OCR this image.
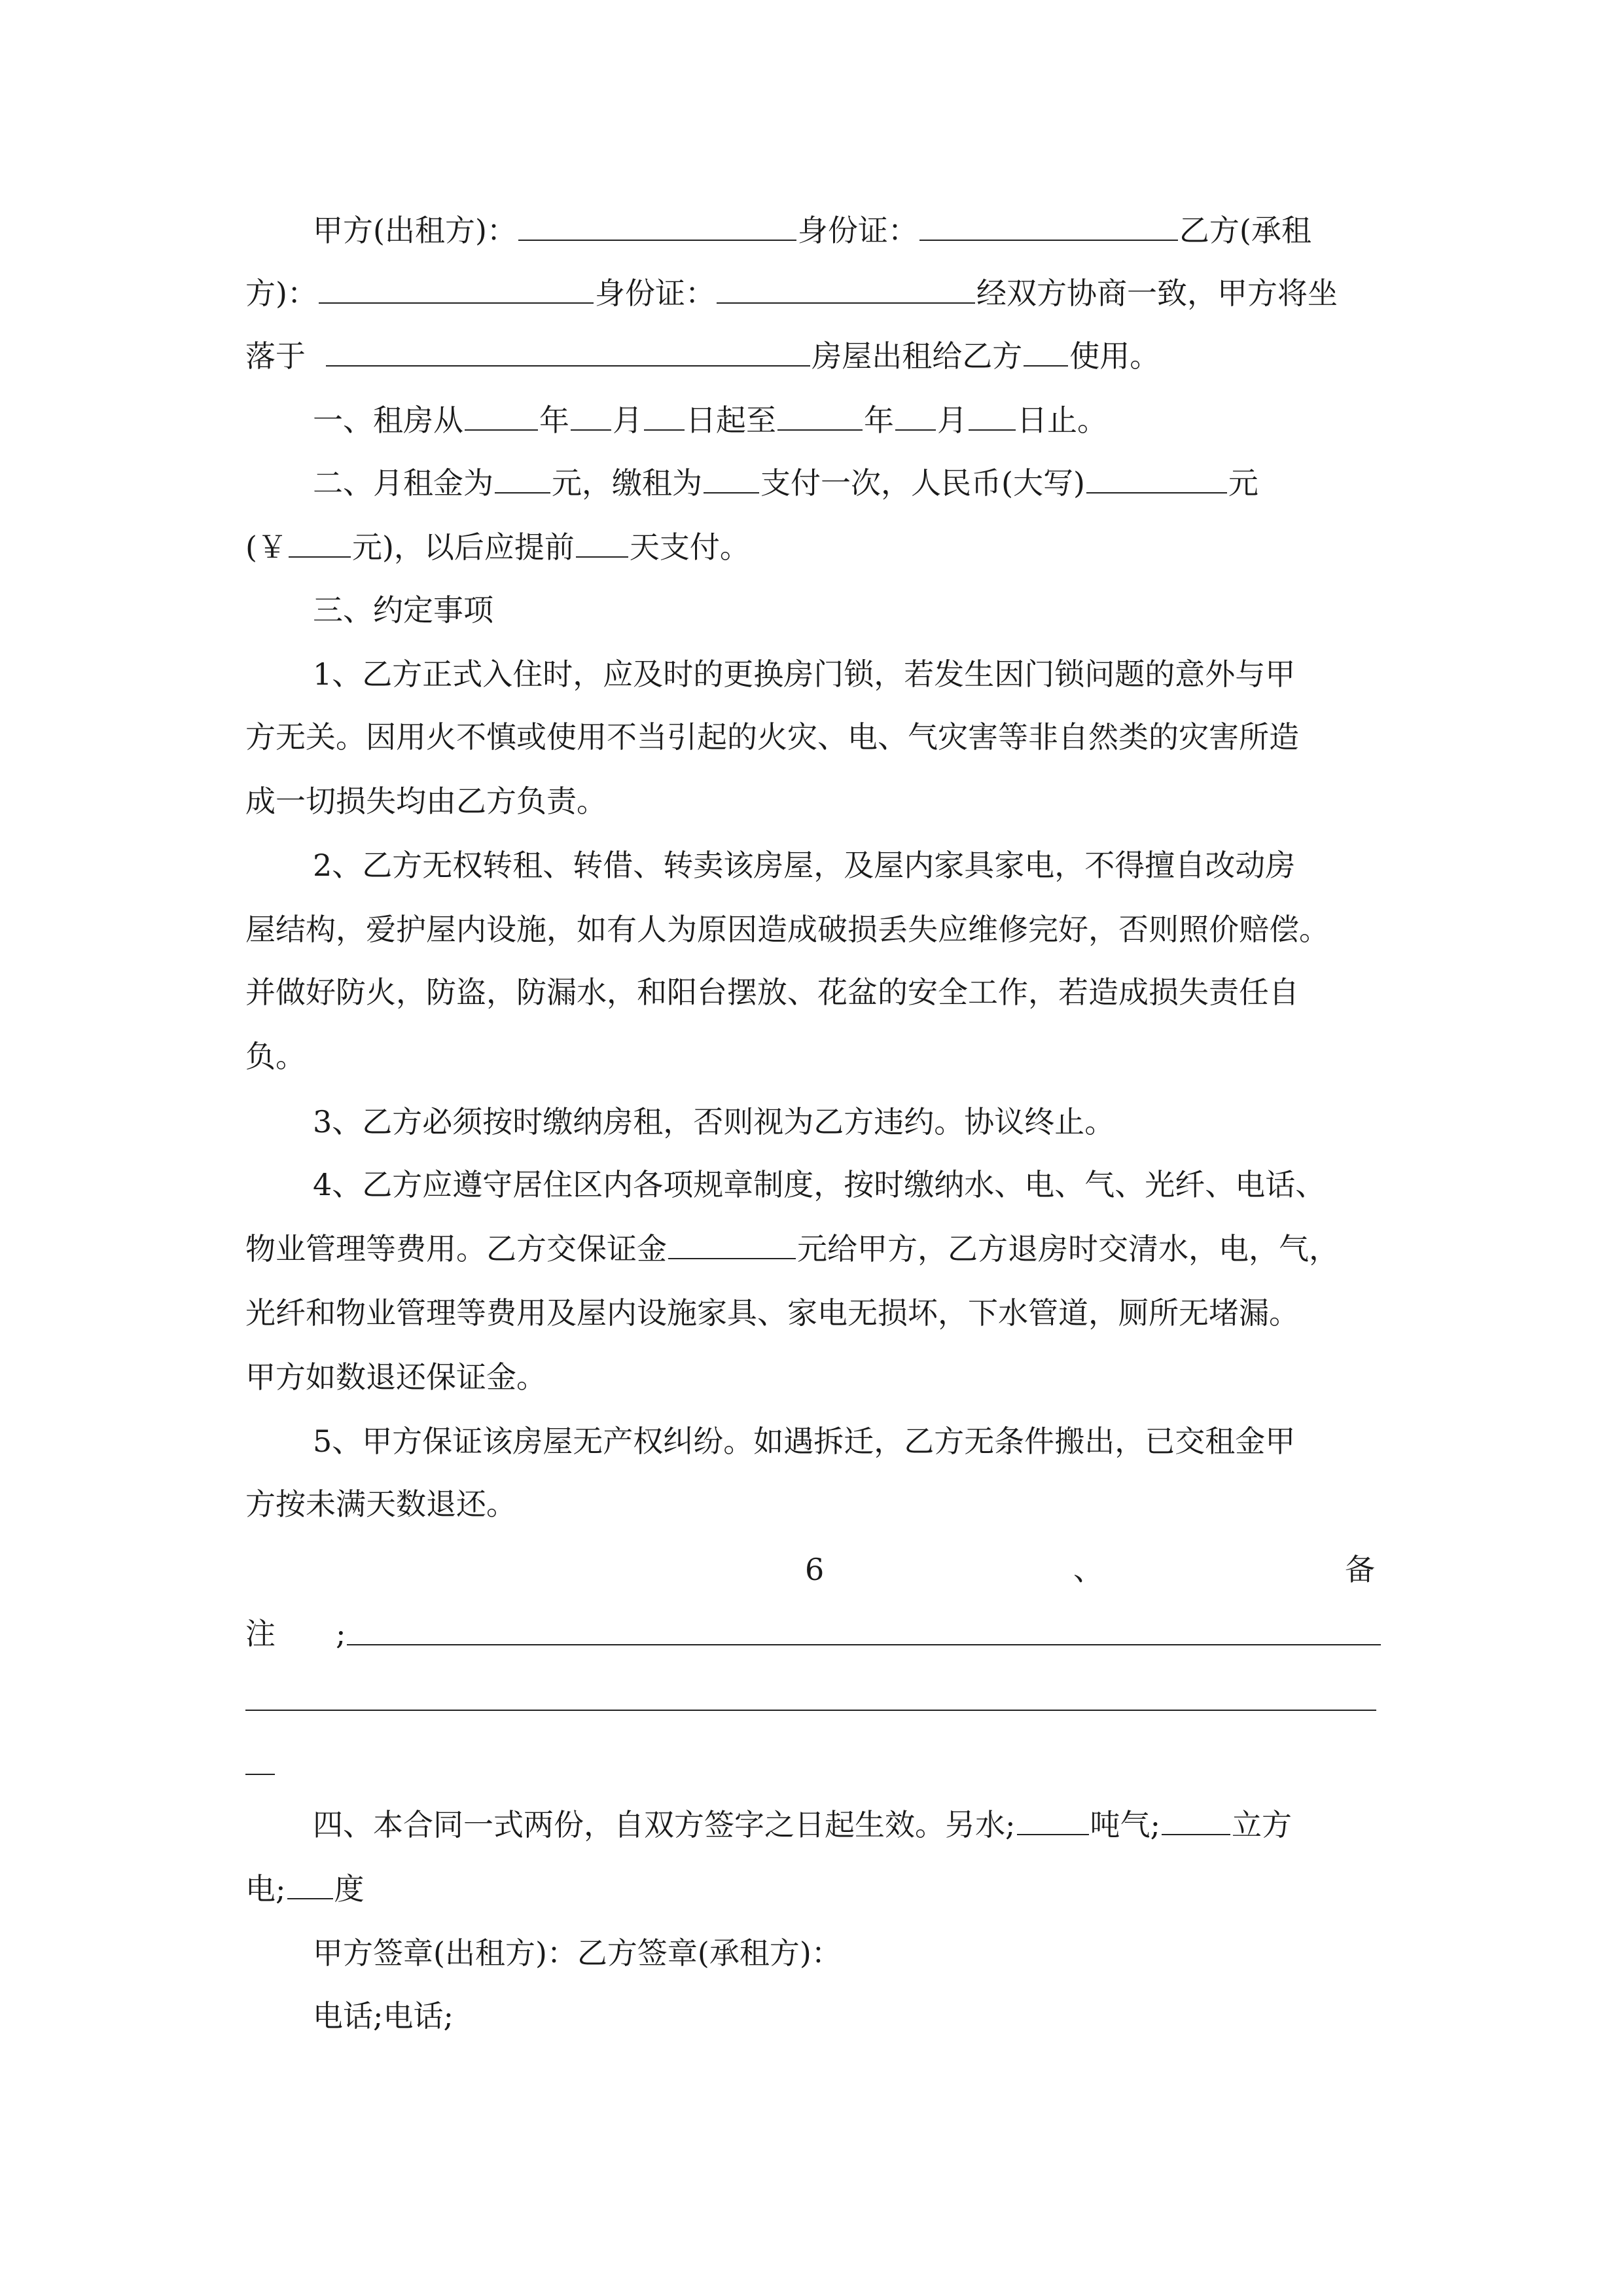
甲方(出租方)：	身份证：	乙方(承租
方)：	身份证：	经双方协商一致，甲方将坐
落于	房屋出租给乙方 使用。
一、租房从	年 月 日起至	年 月 日止。
二、月租金为 元，缴租为 支付一次，人民币(大写)	元
(￥ 元)，以后应提前 天支付。
三、约定事项
1、乙方正式入住时，应及时的更换房门锁，若发生因门锁问题的意外与甲
方无关。因用火不慎或使用不当引起的火灾、电、气灾害等非自然类的灾害所造
成一切损失均由乙方负责。
2、乙方无权转租、转借、转卖该房屋，及屋内家具家电，不得擅自改动房
屋结构，爱护屋内设施，如有人为原因造成破损丢失应维修完好，否则照价赔偿。
并做好防火，防盗，防漏水，和阳台摆放、花盆的安全工作，若造成损失责任自
负。
3、乙方必须按时缴纳房租，否则视为乙方违约。协议终止。
4、乙方应遵守居住区内各项规章制度，按时缴纳水、电、气、光纤、电话、
物业管理等费用。乙方交保证金	元给甲方，乙方退房时交清水，电，气，
光纤和物业管理等费用及屋内设施家具、家电无损坏，下水管道，厕所无堵漏。
甲方如数退还保证金。
5、甲方保证该房屋无产权纠纷。如遇拆迁，乙方无条件搬出，已交租金甲
方按未满天数退还。
6	、	备
注 ;
四、本合同一式两份，自双方签字之日起生效。另水; 吨气; 立方
电; 度
甲方签章(出租方)：乙方签章(承租方)：
电话;电话;
